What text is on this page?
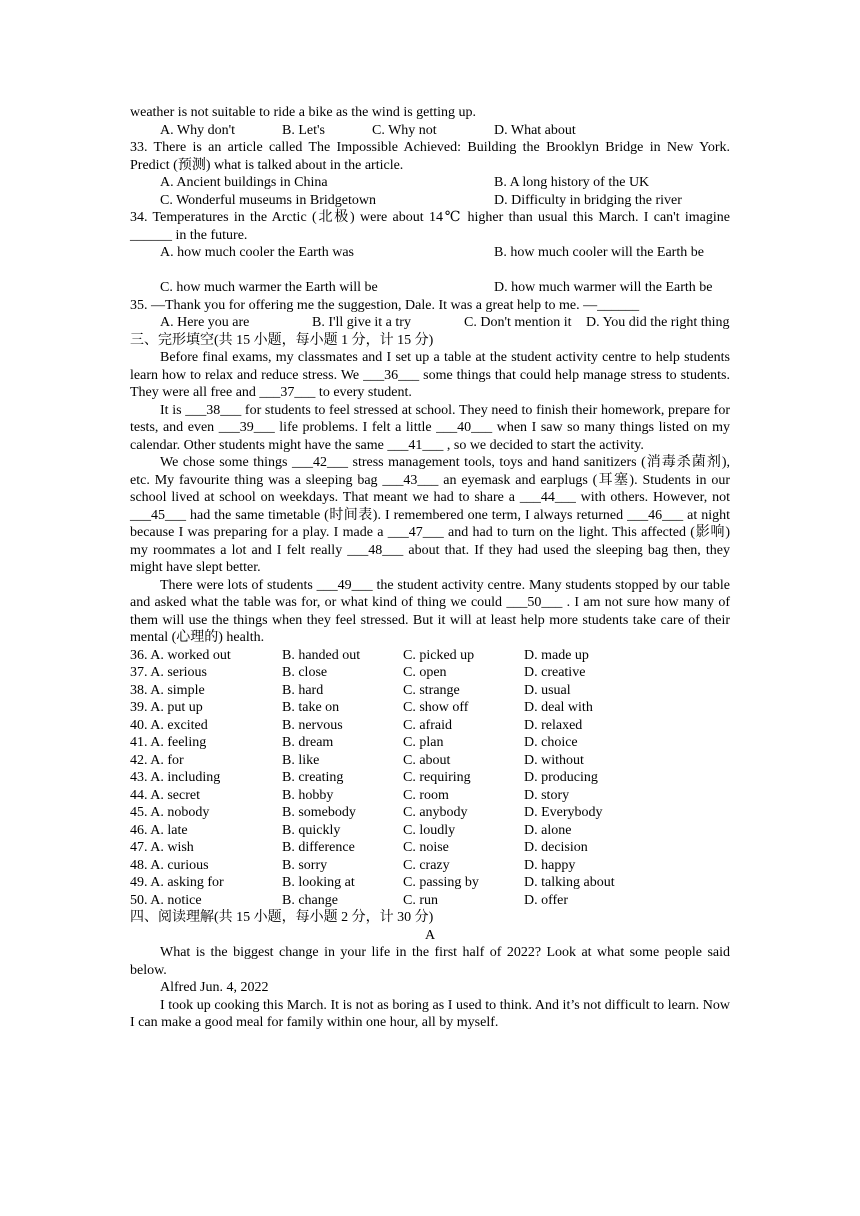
weather is not suitable to ride a bike as the wind is getting up.

A. Why don't	B. Let's	C. Why not	D. What about

33. There is an article called The Impossible Achieved: Building the Brooklyn Bridge in New York. Predict (预测) what is talked about in the article.

A. Ancient buildings in China	B. A long history of the UK
C. Wonderful museums in Bridgetown	D. Difficulty in bridging the river

34. Temperatures in the Arctic (北极) were about 14℃ higher than usual this March. I can't imagine ______ in the future.

A. how much cooler the Earth was	B. how much cooler will the Earth be
C. how much warmer the Earth will be	D. how much warmer will the Earth be

35. —Thank you for offering me the suggestion, Dale. It was a great help to me. —______

A. Here you are	B. I'll give it a try	C. Don't mention it	D. You did the right thing

三、完形填空(共 15 小题，每小题 1 分，计 15 分)

Before final exams, my classmates and I set up a table at the student activity centre to help students learn how to relax and reduce stress. We ___36___ some things that could help manage stress to students. They were all free and ___37___ to every student.

It is ___38___ for students to feel stressed at school. They need to finish their homework, prepare for tests, and even ___39___ life problems. I felt a little ___40___ when I saw so many things listed on my calendar. Other students might have the same ___41___ , so we decided to start the activity.

We chose some things ___42___ stress management tools, toys and hand sanitizers (消毒杀菌剂), etc. My favourite thing was a sleeping bag ___43___ an eyemask and earplugs (耳塞). Students in our school lived at school on weekdays. That meant we had to share a ___44___ with others. However, not ___45___ had the same timetable (时间表). I remembered one term, I always returned ___46___ at night because I was preparing for a play. I made a ___47___ and had to turn on the light. This affected (影响) my roommates a lot and I felt really ___48___ about that. If they had used the sleeping bag then, they might have slept better.

There were lots of students ___49___ the student activity centre. Many students stopped by our table and asked what the table was for, or what kind of thing we could ___50___ . I am not sure how many of them will use the things when they feel stressed. But it will at least help more students take care of their mental (心理的) health.

36. A. worked out	B. handed out	C. picked up	D. made up
37. A. serious	B. close	C. open	D. creative
38. A. simple	B. hard	C. strange	D. usual
39. A. put up	B. take on	C. show off	D. deal with
40. A. excited	B. nervous	C. afraid	D. relaxed
41. A. feeling	B. dream	C. plan	D. choice
42. A. for	B. like	C. about	D. without
43. A. including	B. creating	C. requiring	D. producing
44. A. secret	B. hobby	C. room	D. story
45. A. nobody	B. somebody	C. anybody	D. Everybody
46. A. late	B. quickly	C. loudly	D. alone
47. A. wish	B. difference	C. noise	D. decision
48. A. curious	B. sorry	C. crazy	D. happy
49. A. asking for	B. looking at	C. passing by	D. talking about
50. A. notice	B. change	C. run	D. offer

四、阅读理解(共 15 小题，每小题 2 分，计 30 分)

A

What is the biggest change in your life in the first half of 2022? Look at what some people said below.

Alfred Jun. 4, 2022

I took up cooking this March. It is not as boring as I used to think. And it’s not difficult to learn. Now I can make a good meal for family within one hour, all by myself.
